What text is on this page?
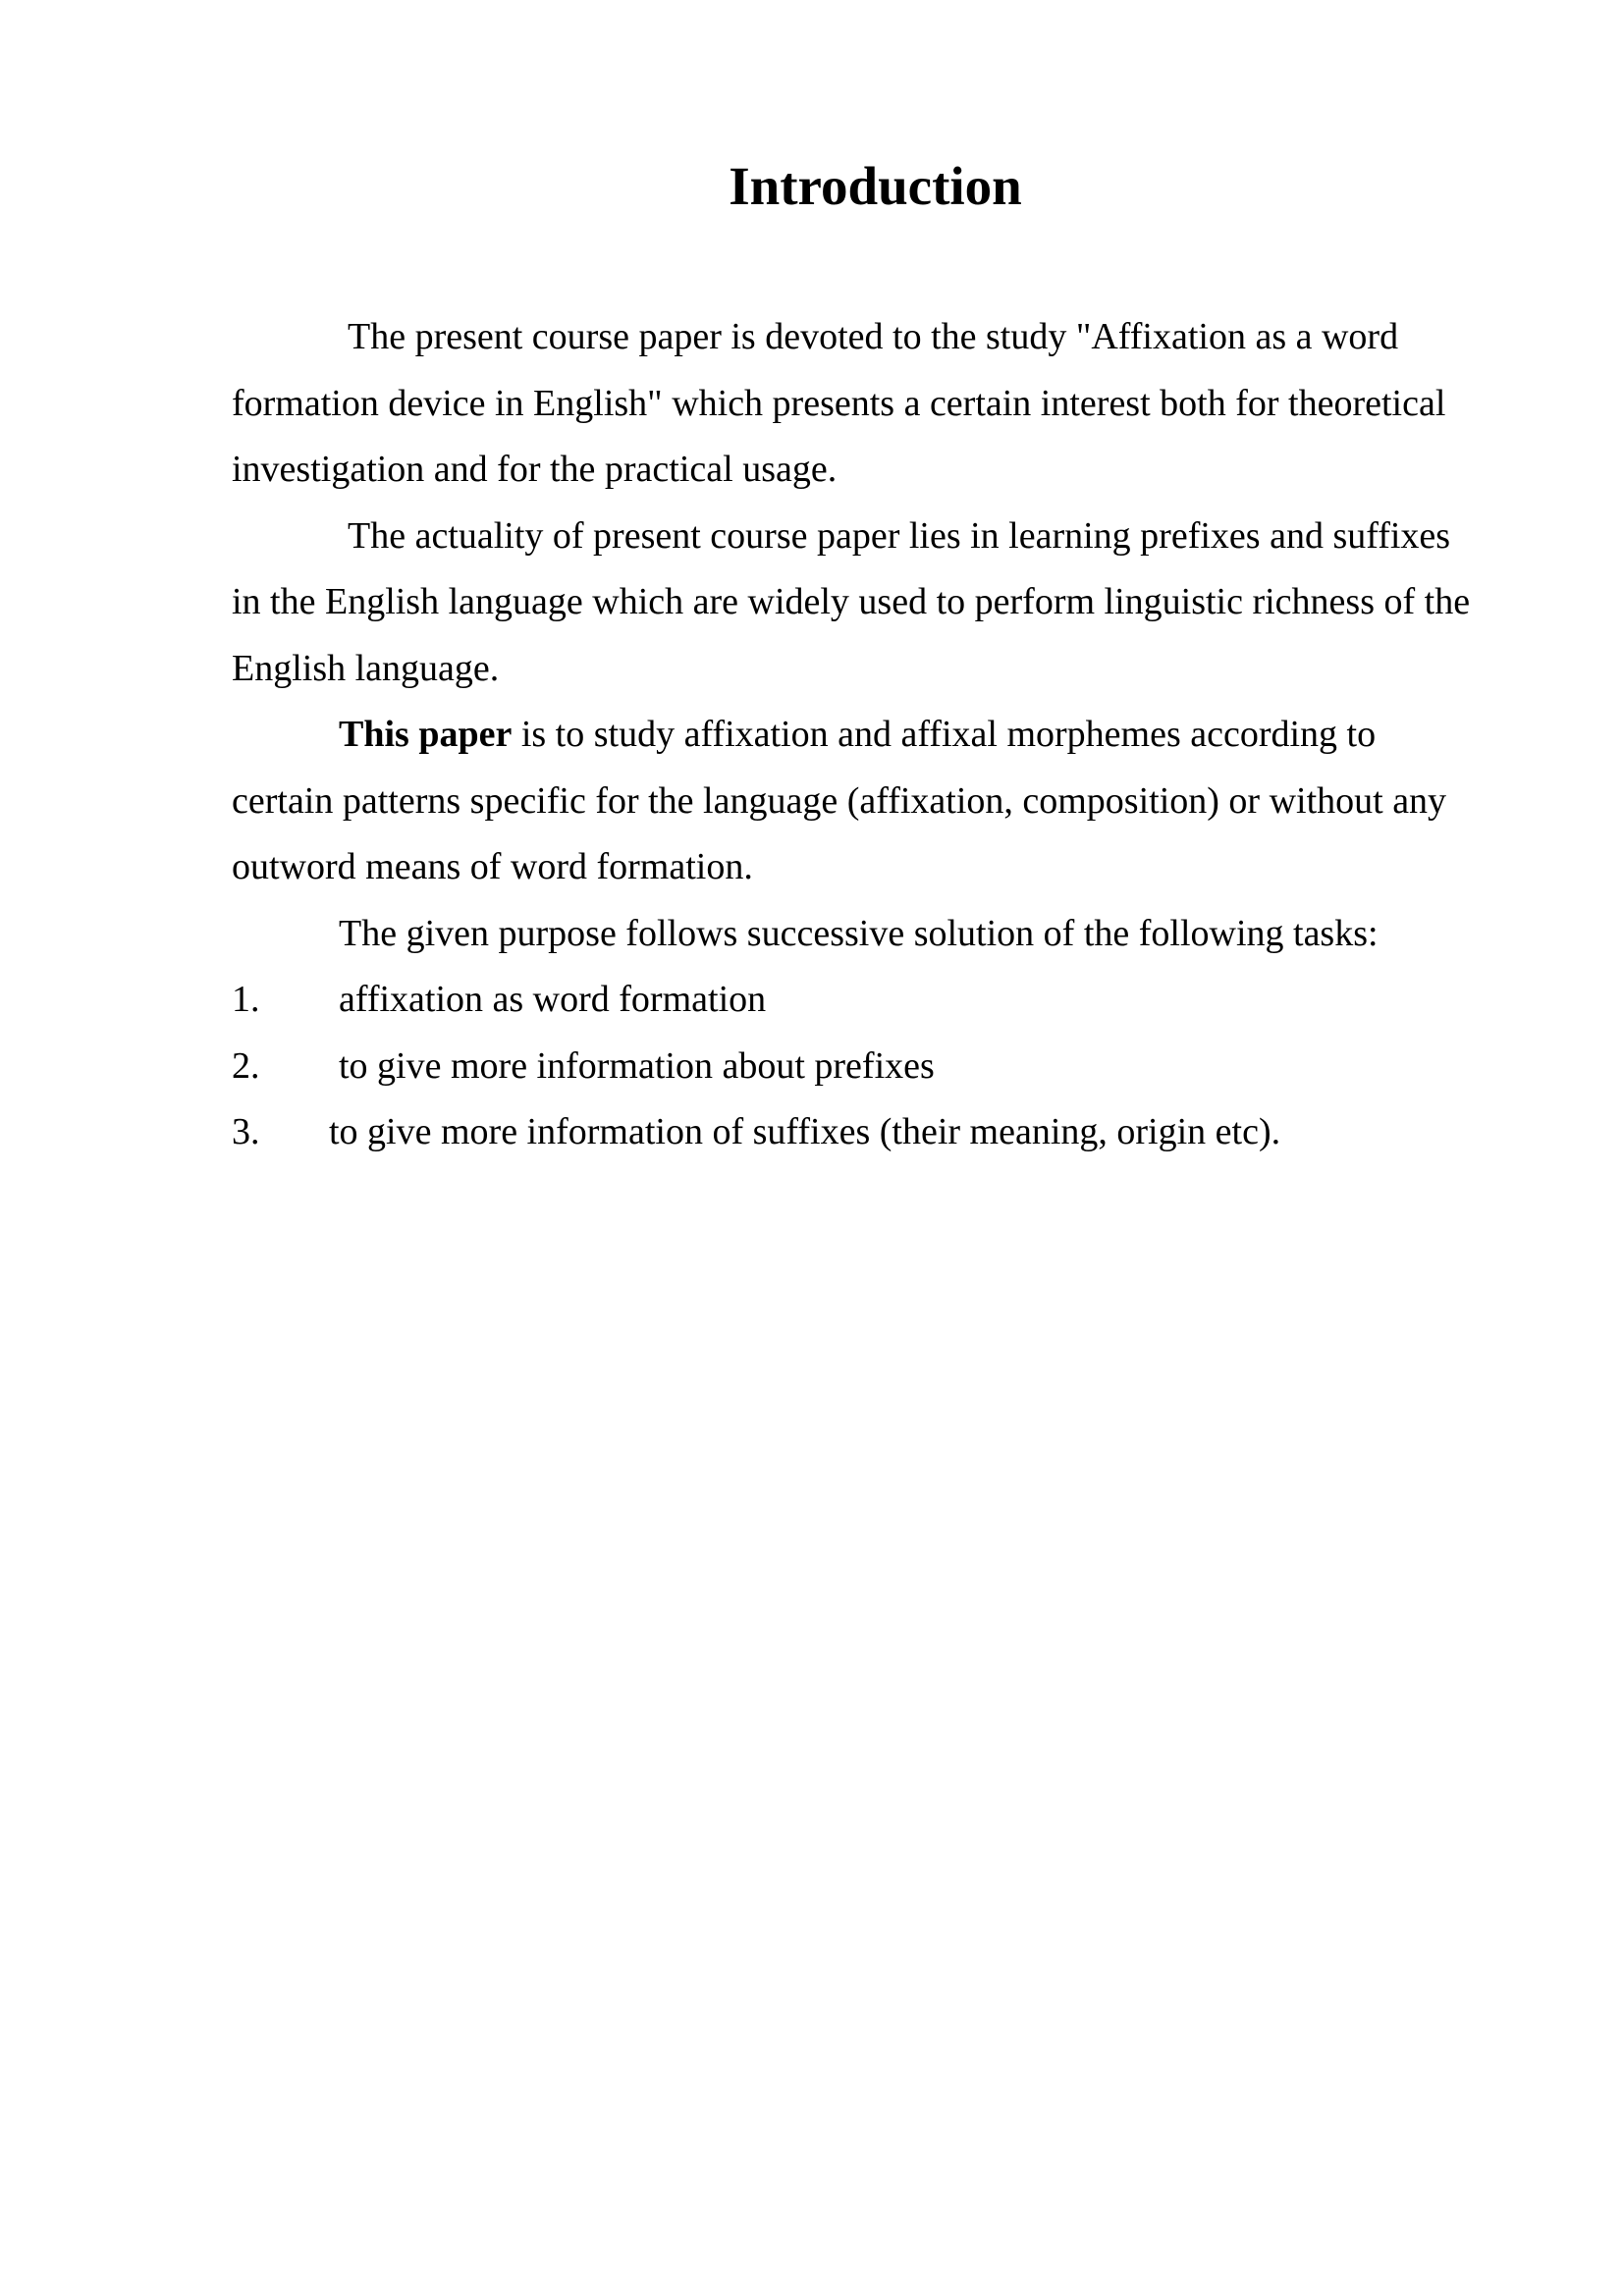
Introduction

The present course paper is devoted to the study "Affixation as a word
formation device in English" which presents a certain interest both for theoretical
investigation and for the practical usage.

The actuality of present course paper lies in learning prefixes and suffixes
in the English language which are widely used to perform linguistic richness of the
English language.

This paper is to study affixation and affixal morphemes according to
certain patterns specific for the language (affixation, composition) or without any
outword means of word formation.

The given purpose follows successive solution of the following tasks:

1. affixation as word formation
2. to give more information about prefixes
3. to give more information of suffixes (their meaning, origin etc).
